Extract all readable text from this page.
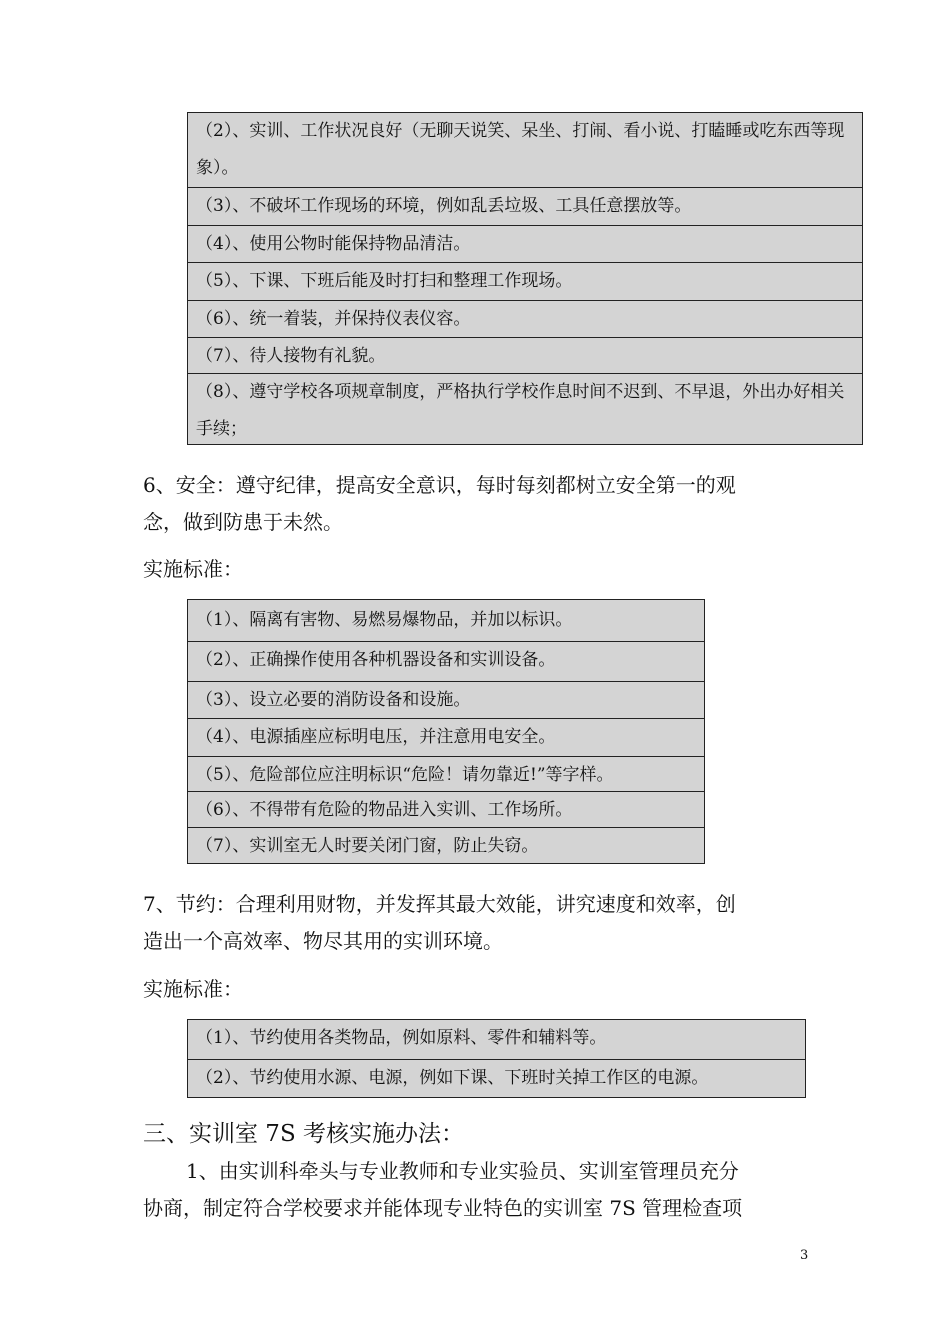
（2）、实训、工作状况良好（无聊天说笑、呆坐、打闹、看小说、打瞌睡或吃东西等现象）。
（3）、不破坏工作现场的环境，例如乱丢垃圾、工具任意摆放等。
（4）、使用公物时能保持物品清洁。
（5）、下课、下班后能及时打扫和整理工作现场。
（6）、统一着装，并保持仪表仪容。
（7）、待人接物有礼貌。
（8）、遵守学校各项规章制度，严格执行学校作息时间不迟到、不早退，外出办好相关手续；

6、安全：遵守纪律，提高安全意识，每时每刻都树立安全第一的观

念，做到防患于未然。

实施标准：
（1）、隔离有害物、易燃易爆物品，并加以标识。
（2）、正确操作使用各种机器设备和实训设备。
（3）、设立必要的消防设备和设施。
（4）、电源插座应标明电压，并注意用电安全。
（5）、危险部位应注明标识“危险！请勿靠近!”等字样。
（6）、不得带有危险的物品进入实训、工作场所。
（7）、实训室无人时要关闭门窗，防止失窃。

7、节约：合理利用财物，并发挥其最大效能，讲究速度和效率，创

造出一个高效率、物尽其用的实训环境。

实施标准：
（1）、节约使用各类物品，例如原料、零件和辅料等。
（2）、节约使用水源、电源，例如下课、下班时关掉工作区的电源。
三、实训室 7S 考核实施办法：

1、由实训科牵头与专业教师和专业实验员、实训室管理员充分

协商，制定符合学校要求并能体现专业特色的实训室 7S 管理检查项

3
